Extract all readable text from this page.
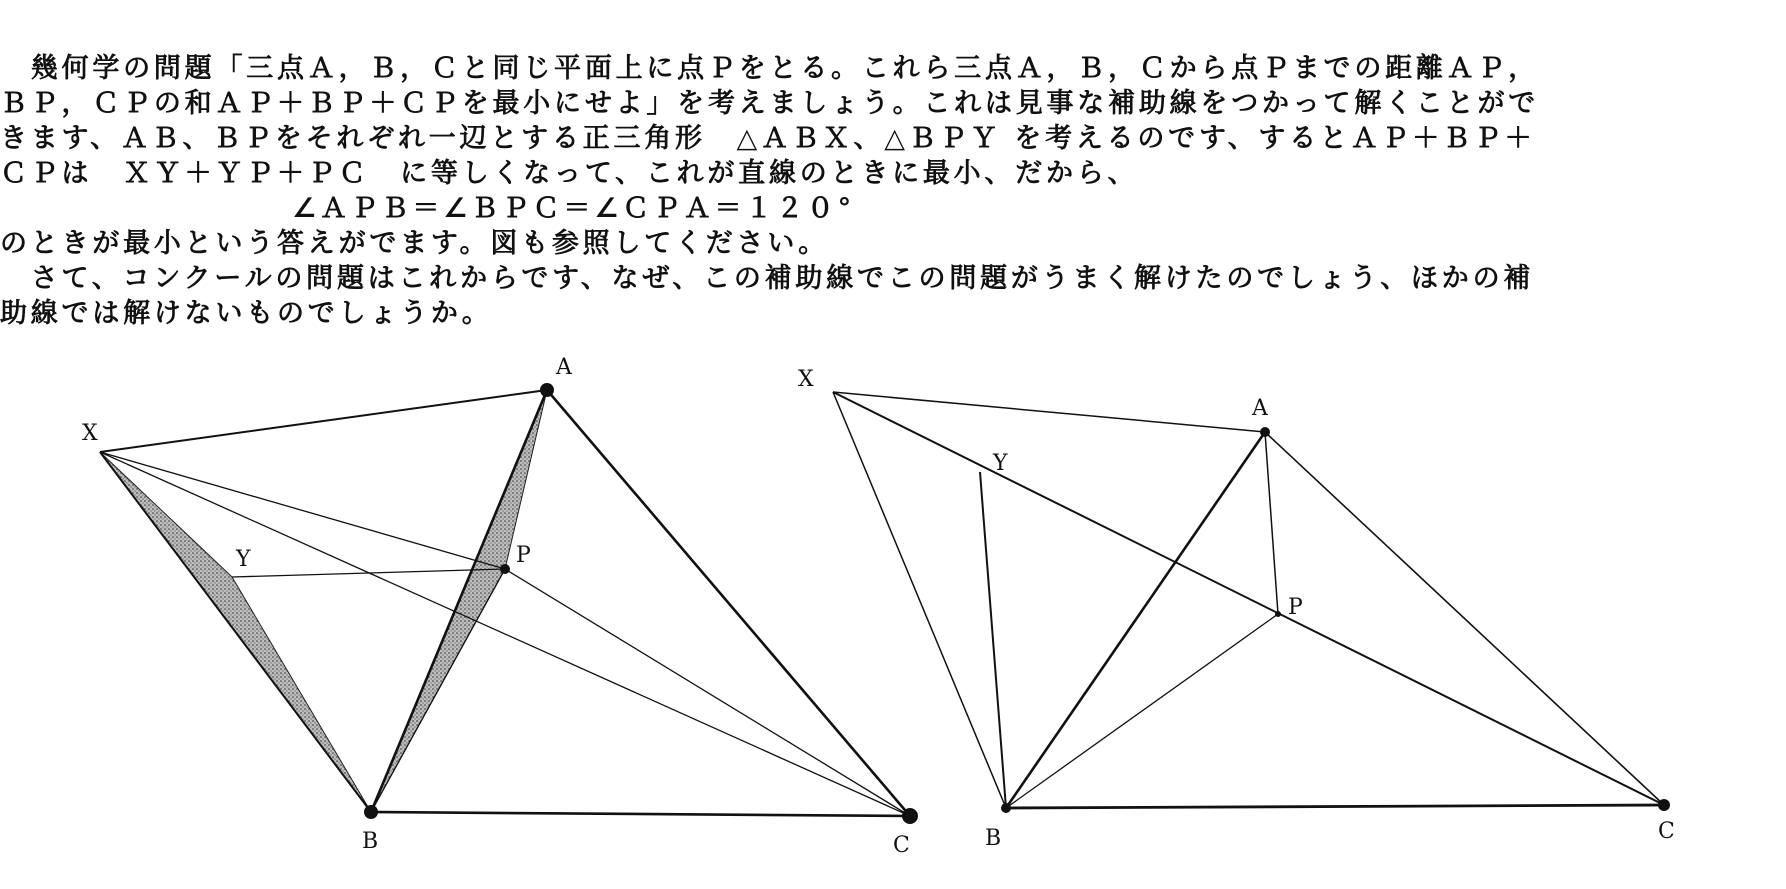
　幾何学の問題「三点Ａ，Ｂ，Ｃと同じ平面上に点Ｐをとる。これら三点Ａ，Ｂ，Ｃから点Ｐまでの距離ＡＰ，
ＢＰ，ＣＰの和ＡＰ＋ＢＰ＋ＣＰを最小にせよ」を考えましょう。これは見事な補助線をつかって解くことがで
きます、ＡＢ、ＢＰをそれぞれ一辺とする正三角形　△ＡＢＸ、△ＢＰＹ を考えるのです、するとＡＰ＋ＢＰ＋
ＣＰは　ＸＹ＋ＹＰ＋ＰＣ　に等しくなって、これが直線のときに最小、だから、
∠ＡＰＢ＝∠ＢＰＣ＝∠ＣＰＡ＝１２０°
のときが最小という答えがでます。図も参照してください。
　さて、コンクールの問題はこれからです、なぜ、この補助線でこの問題がうまく解けたのでしょう、ほかの補
助線では解けないものでしょうか。
A
X
Y	P
B	C
A
X
Y
P
B	C
